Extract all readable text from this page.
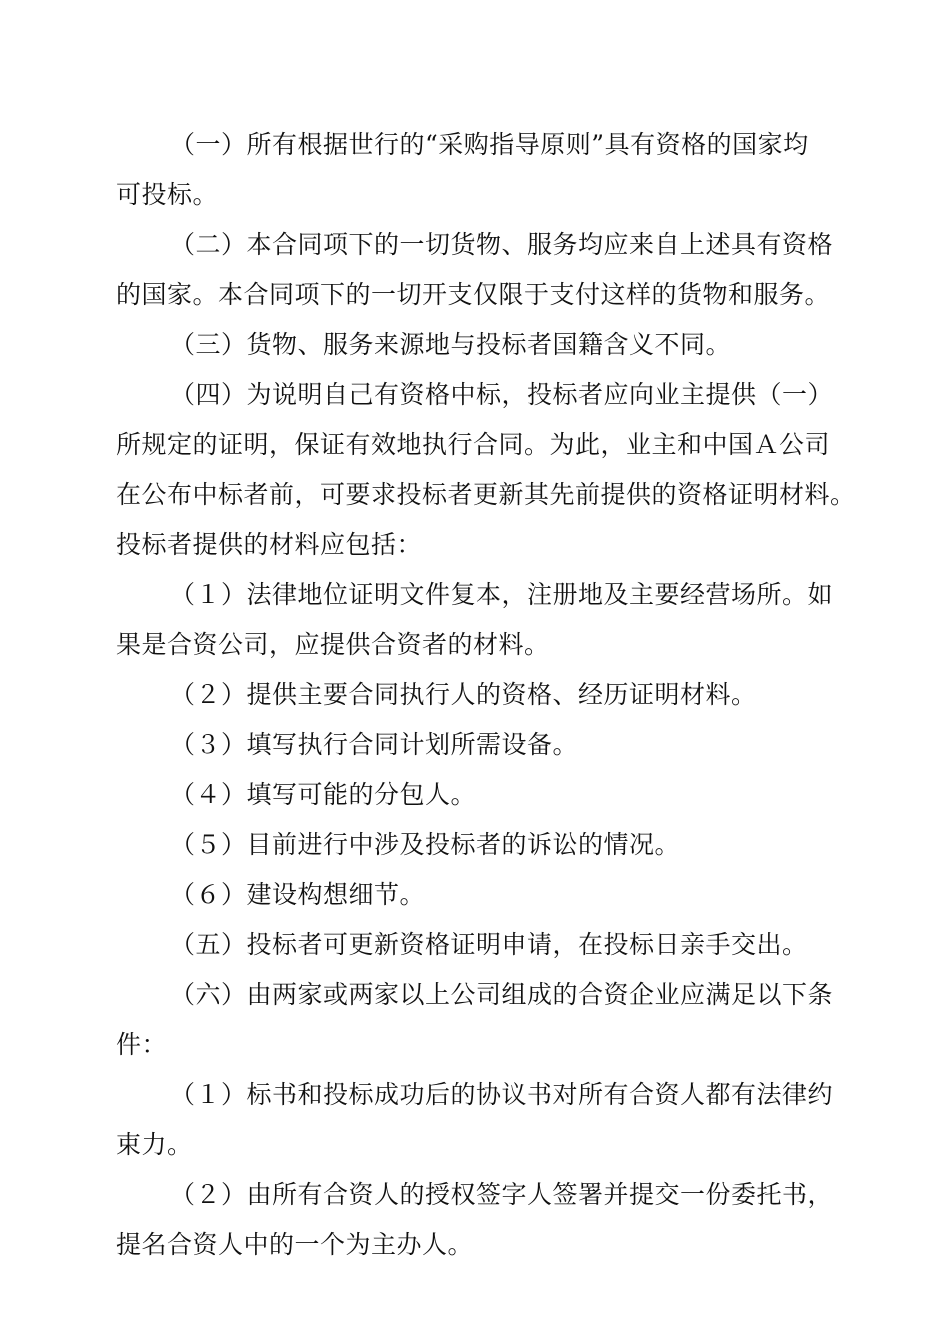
（一）所有根据世行的“采购指导原则”具有资格的国家均
可投标。
（二）本合同项下的一切货物、服务均应来自上述具有资格
的国家。本合同项下的一切开支仅限于支付这样的货物和服务。
（三）货物、服务来源地与投标者国籍含义不同。
（四）为说明自己有资格中标，投标者应向业主提供（一）
所规定的证明，保证有效地执行合同。为此，业主和中国Ａ公司
在公布中标者前，可要求投标者更新其先前提供的资格证明材料。
投标者提供的材料应包括：
（１）法律地位证明文件复本，注册地及主要经营场所。如
果是合资公司，应提供合资者的材料。
（２）提供主要合同执行人的资格、经历证明材料。
（３）填写执行合同计划所需设备。
（４）填写可能的分包人。
（５）目前进行中涉及投标者的诉讼的情况。
（６）建设构想细节。
（五）投标者可更新资格证明申请，在投标日亲手交出。
（六）由两家或两家以上公司组成的合资企业应满足以下条
件：
（１）标书和投标成功后的协议书对所有合资人都有法律约
束力。
（２）由所有合资人的授权签字人签署并提交一份委托书，
提名合资人中的一个为主办人。
